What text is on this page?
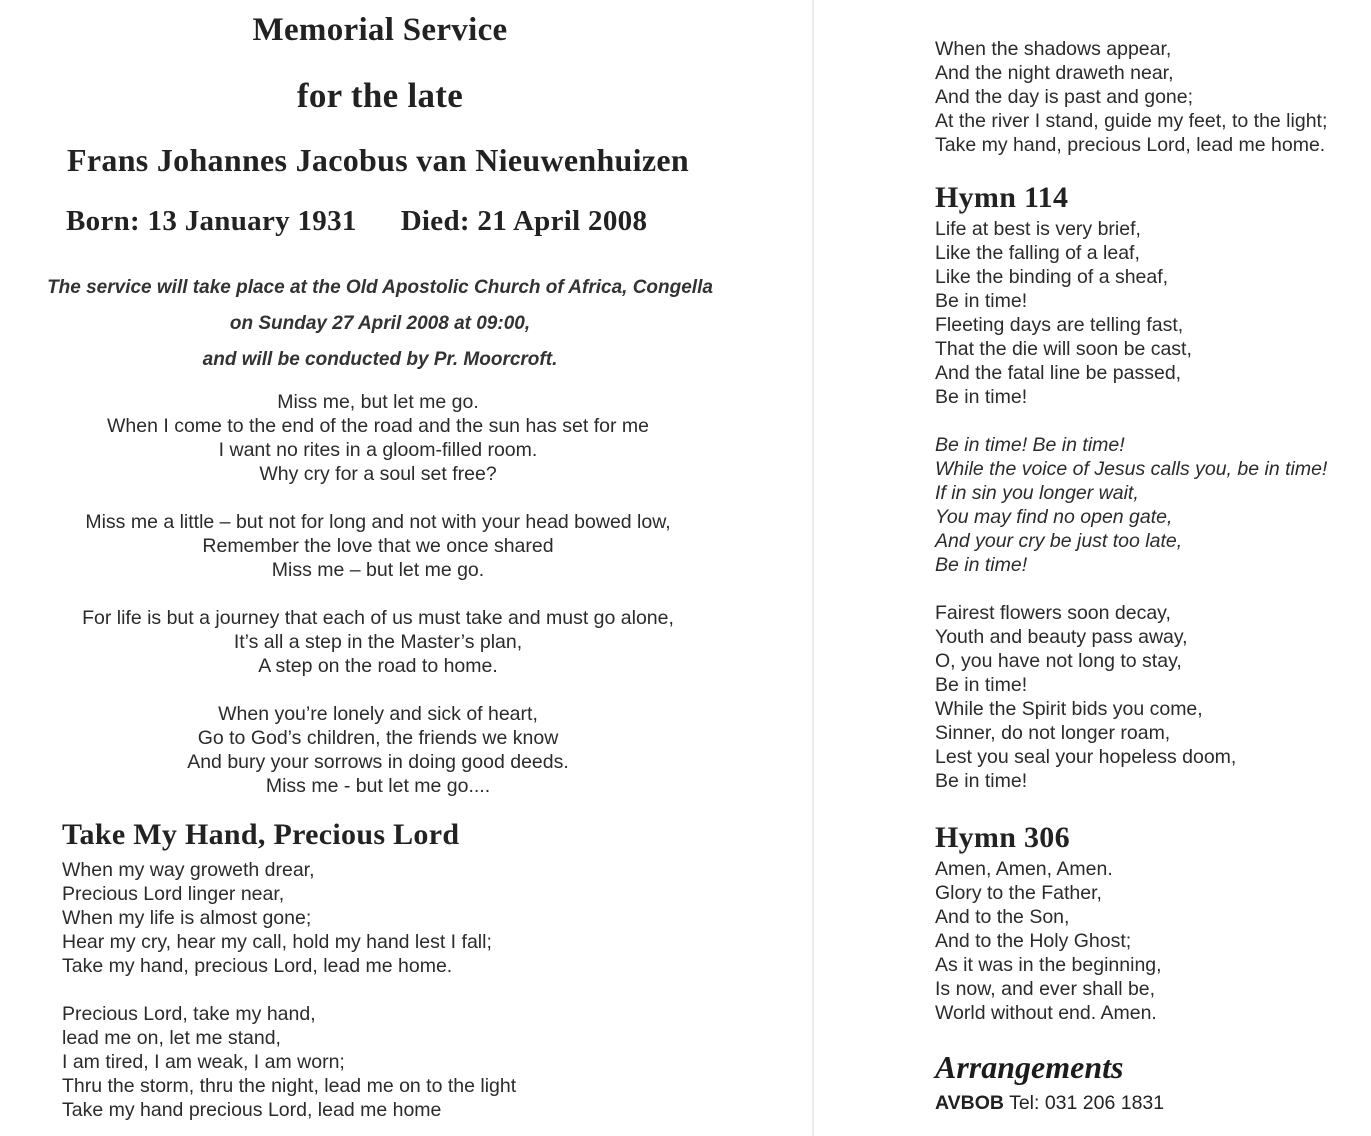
Memorial Service
for the late
Frans Johannes Jacobus van Nieuwenhuizen
Born: 13 January 1931 Died: 21 April 2008
The service will take place at the Old Apostolic Church of Africa, Congella
on Sunday 27 April 2008 at 09:00,
and will be conducted by Pr. Moorcroft.
Miss me, but let me go.
When I come to the end of the road and the sun has set for me
I want no rites in a gloom-filled room.
Why cry for a soul set free?
Miss me a little – but not for long and not with your head bowed low,
Remember the love that we once shared
Miss me – but let me go.
For life is but a journey that each of us must take and must go alone,
It’s all a step in the Master’s plan,
A step on the road to home.
When you’re lonely and sick of heart,
Go to God’s children, the friends we know
And bury your sorrows in doing good deeds.
Miss me - but let me go....
Take My Hand, Precious Lord
When my way groweth drear,
Precious Lord linger near,
When my life is almost gone;
Hear my cry, hear my call, hold my hand lest I fall;
Take my hand, precious Lord, lead me home.
Precious Lord, take my hand,
lead me on, let me stand,
I am tired, I am weak, I am worn;
Thru the storm, thru the night, lead me on to the light
Take my hand precious Lord, lead me home
When the shadows appear,
And the night draweth near,
And the day is past and gone;
At the river I stand, guide my feet, to the light;
Take my hand, precious Lord, lead me home.
Hymn 114
Life at best is very brief,
Like the falling of a leaf,
Like the binding of a sheaf,
Be in time!
Fleeting days are telling fast,
That the die will soon be cast,
And the fatal line be passed,
Be in time!
Be in time! Be in time!
While the voice of Jesus calls you, be in time!
If in sin you longer wait,
You may find no open gate,
And your cry be just too late,
Be in time!
Fairest flowers soon decay,
Youth and beauty pass away,
O, you have not long to stay,
Be in time!
While the Spirit bids you come,
Sinner, do not longer roam,
Lest you seal your hopeless doom,
Be in time!
Hymn 306
Amen, Amen, Amen.
Glory to the Father,
And to the Son,
And to the Holy Ghost;
As it was in the beginning,
Is now, and ever shall be,
World without end. Amen.
Arrangements
AVBOB Tel: 031 206 1831
